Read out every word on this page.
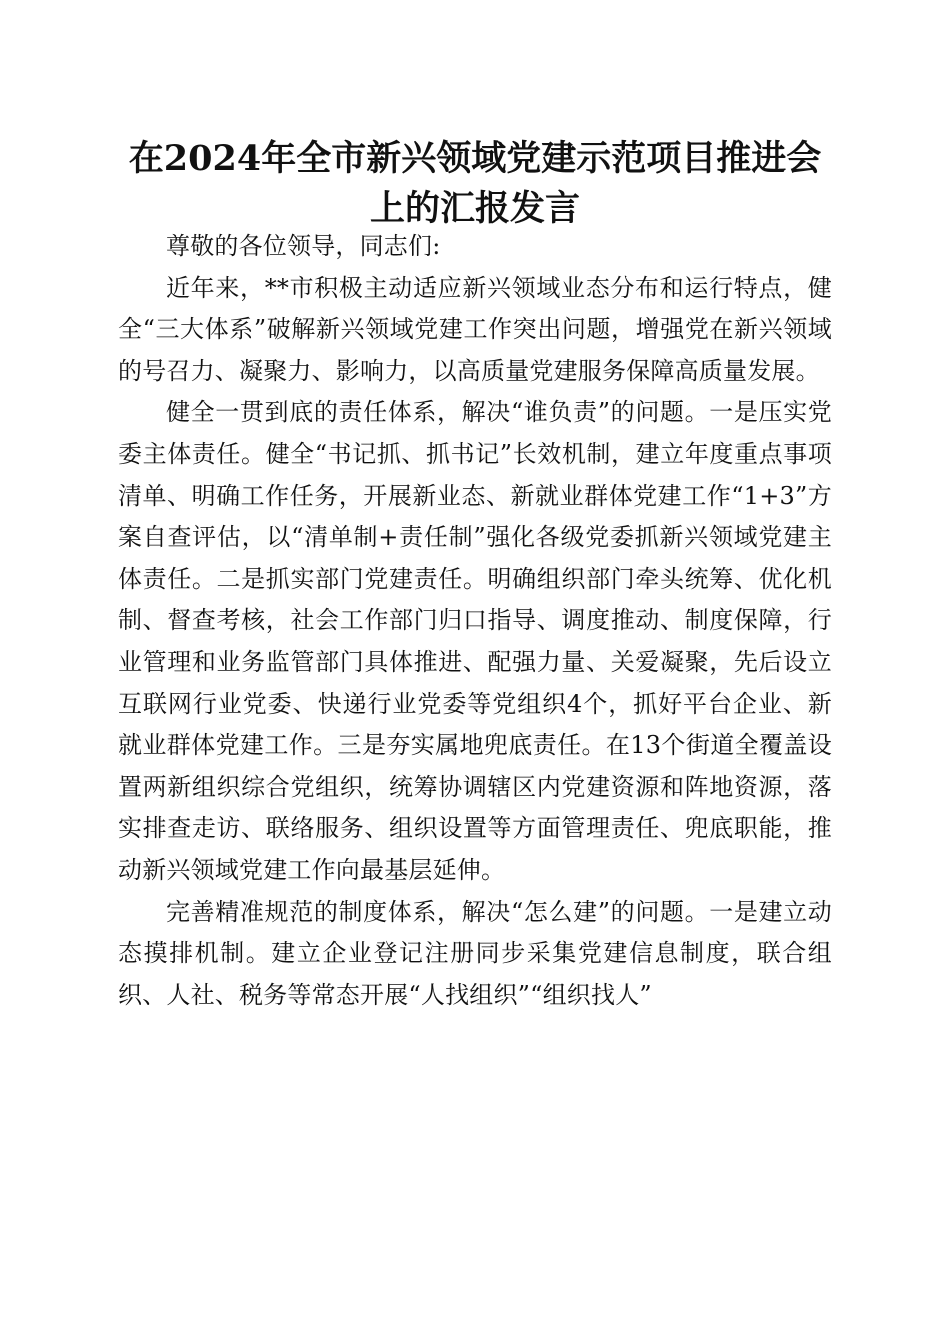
在2024年全市新兴领域党建示范项目推进会
上的汇报发言

尊敬的各位领导，同志们:

近年来，**市积极主动适应新兴领域业态分布和运行特点，健全“三大体系”破解新兴领域党建工作突出问题，增强党在新兴领域的号召力、凝聚力、影响力，以高质量党建服务保障高质量发展。

健全一贯到底的责任体系，解决“谁负责”的问题。一是压实党委主体责任。健全“书记抓、抓书记”长效机制，建立年度重点事项清单、明确工作任务，开展新业态、新就业群体党建工作“1+3”方案自查评估，以“清单制+责任制”强化各级党委抓新兴领域党建主体责任。二是抓实部门党建责任。明确组织部门牵头统筹、优化机制、督查考核，社会工作部门归口指导、调度推动、制度保障，行业管理和业务监管部门具体推进、配强力量、关爱凝聚，先后设立互联网行业党委、快递行业党委等党组织4个，抓好平台企业、新就业群体党建工作。三是夯实属地兜底责任。在13个街道全覆盖设置两新组织综合党组织，统筹协调辖区内党建资源和阵地资源，落实排查走访、联络服务、组织设置等方面管理责任、兜底职能，推动新兴领域党建工作向最基层延伸。

完善精准规范的制度体系，解决“怎么建”的问题。一是建立动态摸排机制。建立企业登记注册同步采集党建信息制度，联合组织、人社、税务等常态开展“人找组织”“组织找人”
